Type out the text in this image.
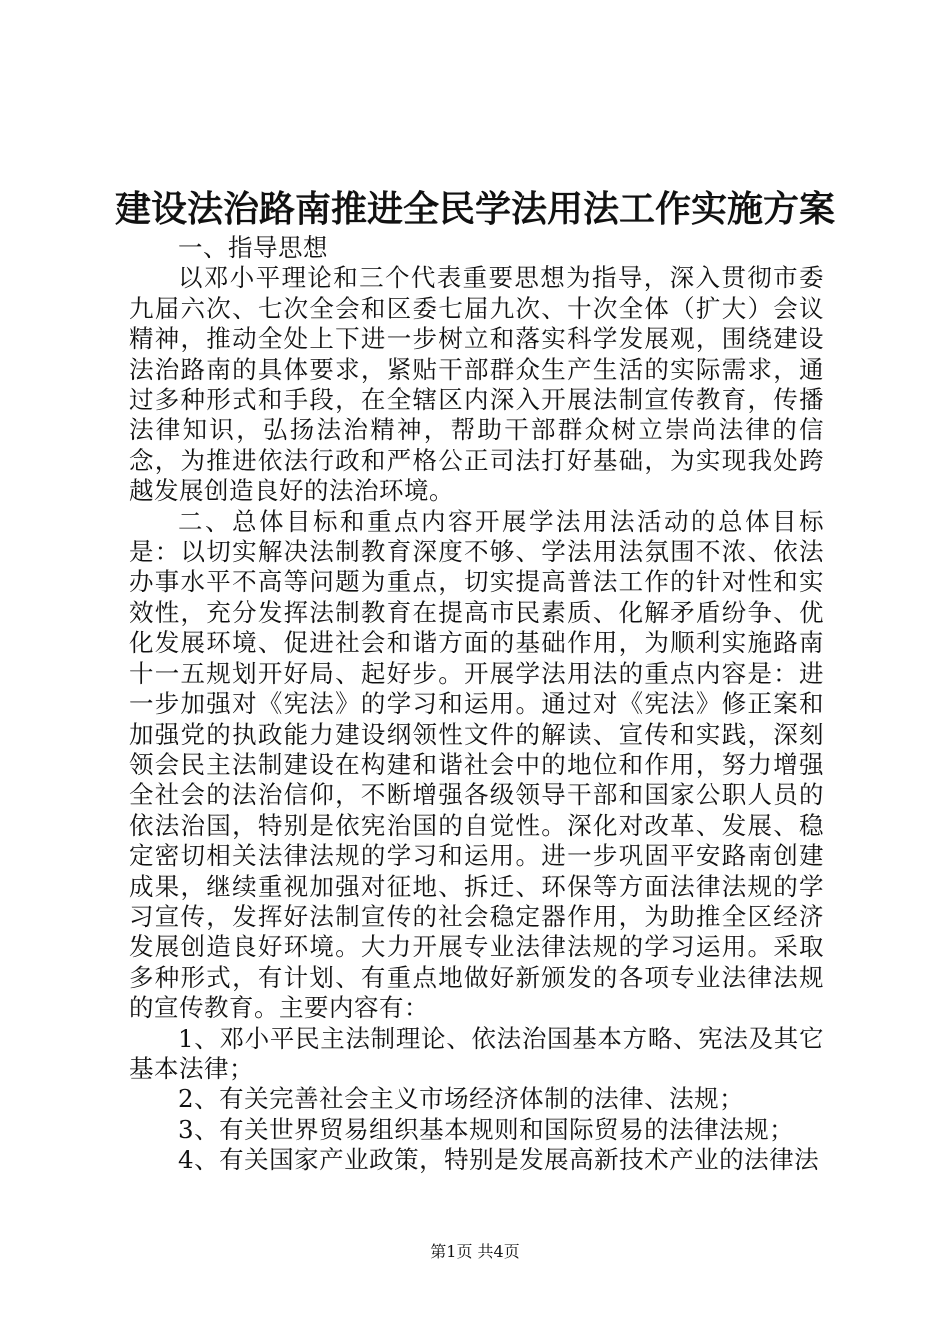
建设法治路南推进全民学法用法工作实施方案

一、指导思想

以邓小平理论和三个代表重要思想为指导，深入贯彻市委九届六次、七次全会和区委七届九次、十次全体（扩大）会议精神，推动全处上下进一步树立和落实科学发展观，围绕建设法治路南的具体要求，紧贴干部群众生产生活的实际需求，通过多种形式和手段，在全辖区内深入开展法制宣传教育，传播法律知识，弘扬法治精神，帮助干部群众树立崇尚法律的信念，为推进依法行政和严格公正司法打好基础，为实现我处跨越发展创造良好的法治环境。

二、总体目标和重点内容开展学法用法活动的总体目标是：以切实解决法制教育深度不够、学法用法氛围不浓、依法办事水平不高等问题为重点，切实提高普法工作的针对性和实效性，充分发挥法制教育在提高市民素质、化解矛盾纷争、优化发展环境、促进社会和谐方面的基础作用，为顺利实施路南十一五规划开好局、起好步。开展学法用法的重点内容是：进一步加强对《宪法》的学习和运用。通过对《宪法》修正案和加强党的执政能力建设纲领性文件的解读、宣传和实践，深刻领会民主法制建设在构建和谐社会中的地位和作用，努力增强全社会的法治信仰，不断增强各级领导干部和国家公职人员的依法治国，特别是依宪治国的自觉性。深化对改革、发展、稳定密切相关法律法规的学习和运用。进一步巩固平安路南创建成果，继续重视加强对征地、拆迁、环保等方面法律法规的学习宣传，发挥好法制宣传的社会稳定器作用，为助推全区经济发展创造良好环境。大力开展专业法律法规的学习运用。采取多种形式，有计划、有重点地做好新颁发的各项专业法律法规的宣传教育。主要内容有：

1、邓小平民主法制理论、依法治国基本方略、宪法及其它基本法律；

2、有关完善社会主义市场经济体制的法律、法规；

3、有关世界贸易组织基本规则和国际贸易的法律法规；

4、有关国家产业政策，特别是发展高新技术产业的法律法

第1页 共4页
